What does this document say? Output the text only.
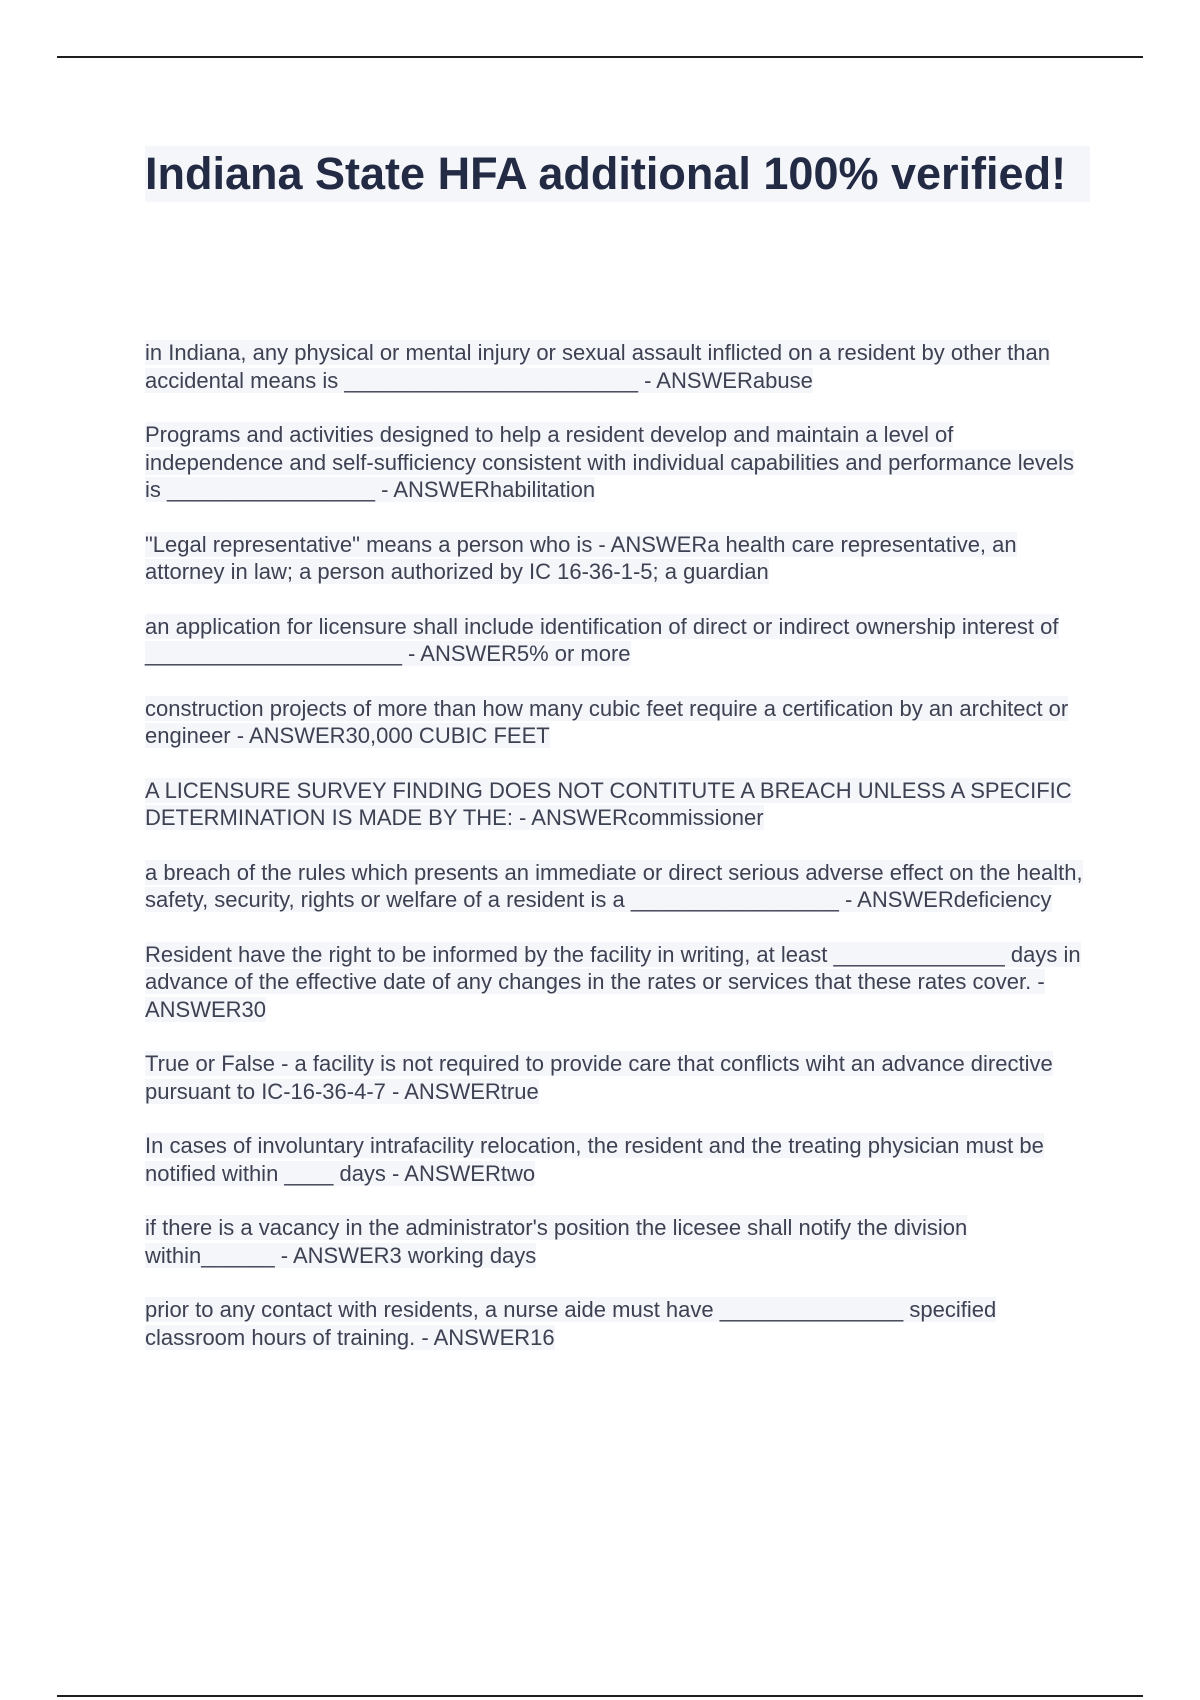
Indiana State HFA additional 100% verified!

in Indiana, any physical or mental injury or sexual assault inflicted on a resident by other than accidental means is ________________________ - ANSWERabuse

Programs and activities designed to help a resident develop and maintain a level of independence and self-sufficiency consistent with individual capabilities and performance levels is _________________ - ANSWERhabilitation

"Legal representative" means a person who is - ANSWERa health care representative, an attorney in law; a person authorized by IC 16-36-1-5; a guardian

an application for licensure shall include identification of direct or indirect ownership interest of _____________________ - ANSWER5% or more

construction projects of more than how many cubic feet require a certification by an architect or engineer - ANSWER30,000 CUBIC FEET

A LICENSURE SURVEY FINDING DOES NOT CONTITUTE A BREACH UNLESS A SPECIFIC DETERMINATION IS MADE BY THE: - ANSWERcommissioner

a breach of the rules which presents an immediate or direct serious adverse effect on the health, safety, security, rights or welfare of a resident is a _________________ - ANSWERdeficiency

Resident have the right to be informed by the facility in writing, at least ______________ days in advance of the effective date of any changes in the rates or services that these rates cover. - ANSWER30

True or False - a facility is not required to provide care that conflicts wiht an advance directive pursuant to IC-16-36-4-7 - ANSWERtrue

In cases of involuntary intrafacility relocation, the resident and the treating physician must be notified within ____ days - ANSWERtwo

if there is a vacancy in the administrator's position the licesee shall notify the division within______ - ANSWER3 working days

prior to any contact with residents, a nurse aide must have _______________ specified classroom hours of training. - ANSWER16
